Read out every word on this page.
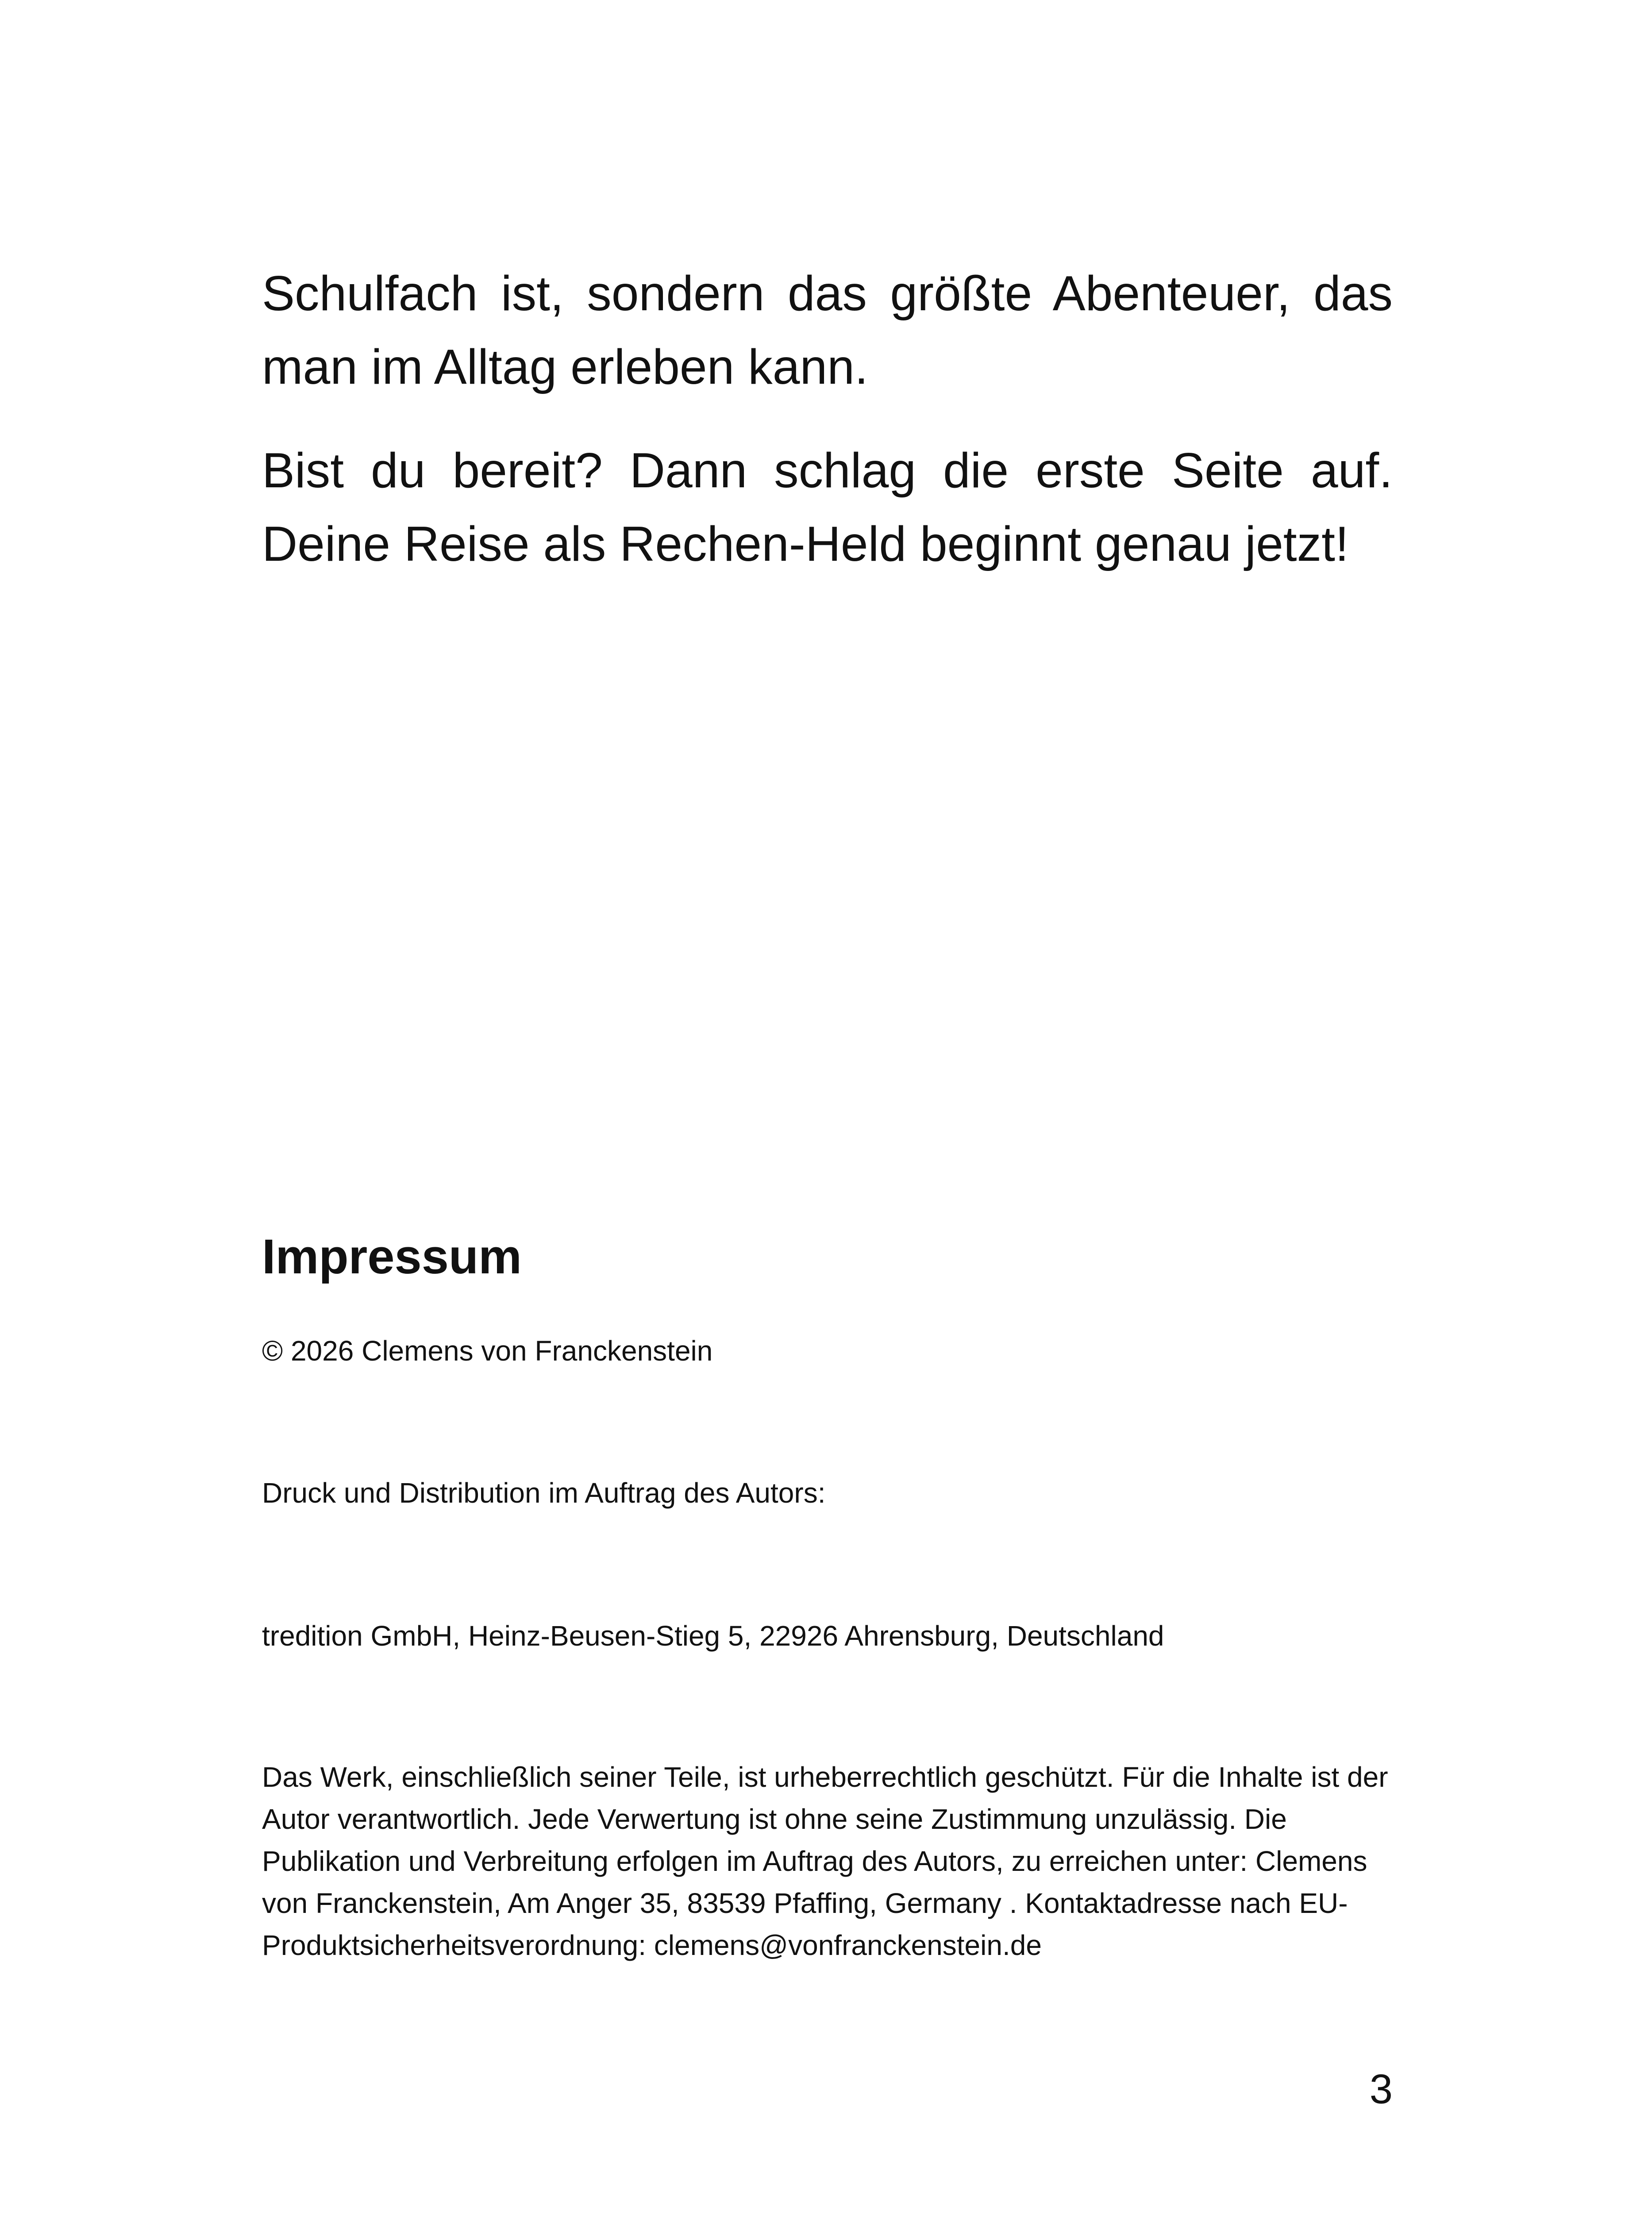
Schulfach ist, sondern das größte Abenteuer, das man im Alltag erleben kann.

Bist du bereit? Dann schlag die erste Seite auf. Deine Reise als Rechen-Held beginnt genau jetzt!

Impressum

© 2026 Clemens von Franckenstein

Druck und Distribution im Auftrag des Autors:

tredition GmbH, Heinz-Beusen-Stieg 5, 22926 Ahrensburg, Deutschland

Das Werk, einschließlich seiner Teile, ist urheberrechtlich geschützt. Für die Inhalte ist der Autor verantwortlich. Jede Verwertung ist ohne seine Zustimmung unzulässig. Die Publikation und Verbreitung erfolgen im Auftrag des Autors, zu erreichen unter: Clemens von Franckenstein, Am Anger 35, 83539 Pfaffing, Germany . Kontaktadresse nach EU-Produktsicherheitsverordnung: clemens@vonfranckenstein.de

3
